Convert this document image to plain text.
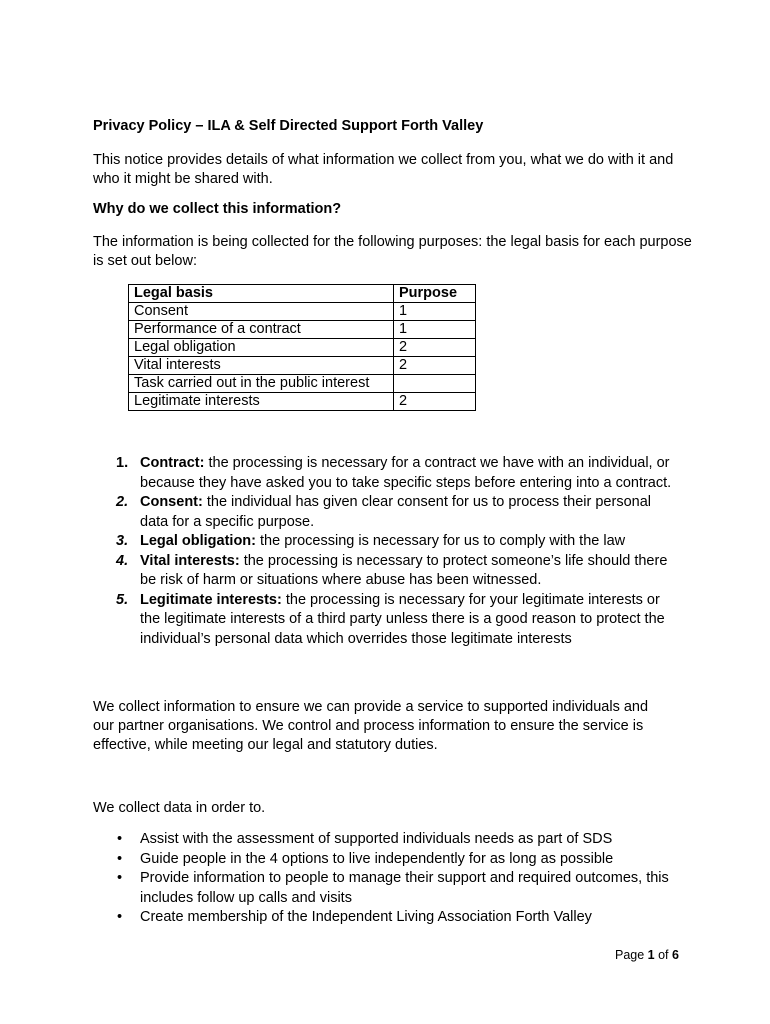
Privacy Policy – ILA & Self Directed Support Forth Valley
This notice provides details of what information we collect from you, what we do with it and who it might be shared with.
Why do we collect this information?
The information is being collected for the following purposes: the legal basis for each purpose is set out below:
Legal basis	Purpose
Consent	1
Performance of a contract	1
Legal obligation	2
Vital interests	2
Task carried out in the public interest	
Legitimate interests	2
1. Contract: the processing is necessary for a contract we have with an individual, or because they have asked you to take specific steps before entering into a contract.
2. Consent: the individual has given clear consent for us to process their personal data for a specific purpose.
3. Legal obligation: the processing is necessary for us to comply with the law
4. Vital interests: the processing is necessary to protect someone’s life should there be risk of harm or situations where abuse has been witnessed.
5. Legitimate interests: the processing is necessary for your legitimate interests or the legitimate interests of a third party unless there is a good reason to protect the individual’s personal data which overrides those legitimate interests
We collect information to ensure we can provide a service to supported individuals and our partner organisations. We control and process information to ensure the service is effective, while meeting our legal and statutory duties.
We collect data in order to.
• Assist with the assessment of supported individuals needs as part of SDS
• Guide people in the 4 options to live independently for as long as possible
• Provide information to people to manage their support and required outcomes, this includes follow up calls and visits
• Create membership of the Independent Living Association Forth Valley
Page 1 of 6
